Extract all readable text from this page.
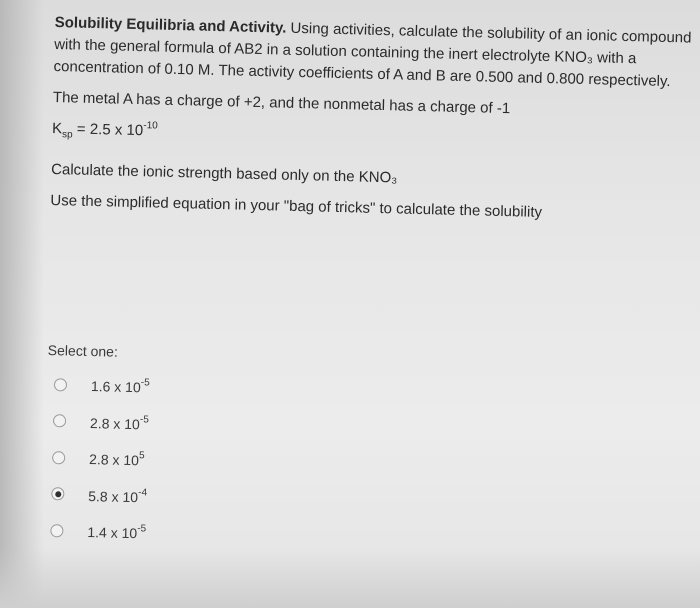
Solubility Equilibria and Activity. Using activities, calculate the solubility of an ionic compound with the general formula of AB2 in a solution containing the inert electrolyte KNO₃ with a concentration of 0.10 M. The activity coefficients of A and B are 0.500 and 0.800 respectively.

The metal A has a charge of +2, and the nonmetal has a charge of -1

$K_{sp} = 2.5$ x $10^{-10}$

Calculate the ionic strength based only on the KNO₃

Use the simplified equation in your "bag of tricks" to calculate the solubility

Select one:

1.6 x $10^{-5}$
2.8 x $10^{-5}$
2.8 x $10^5$
5.8 x $10^{-4}$
1.4 x $10^{-5}$
